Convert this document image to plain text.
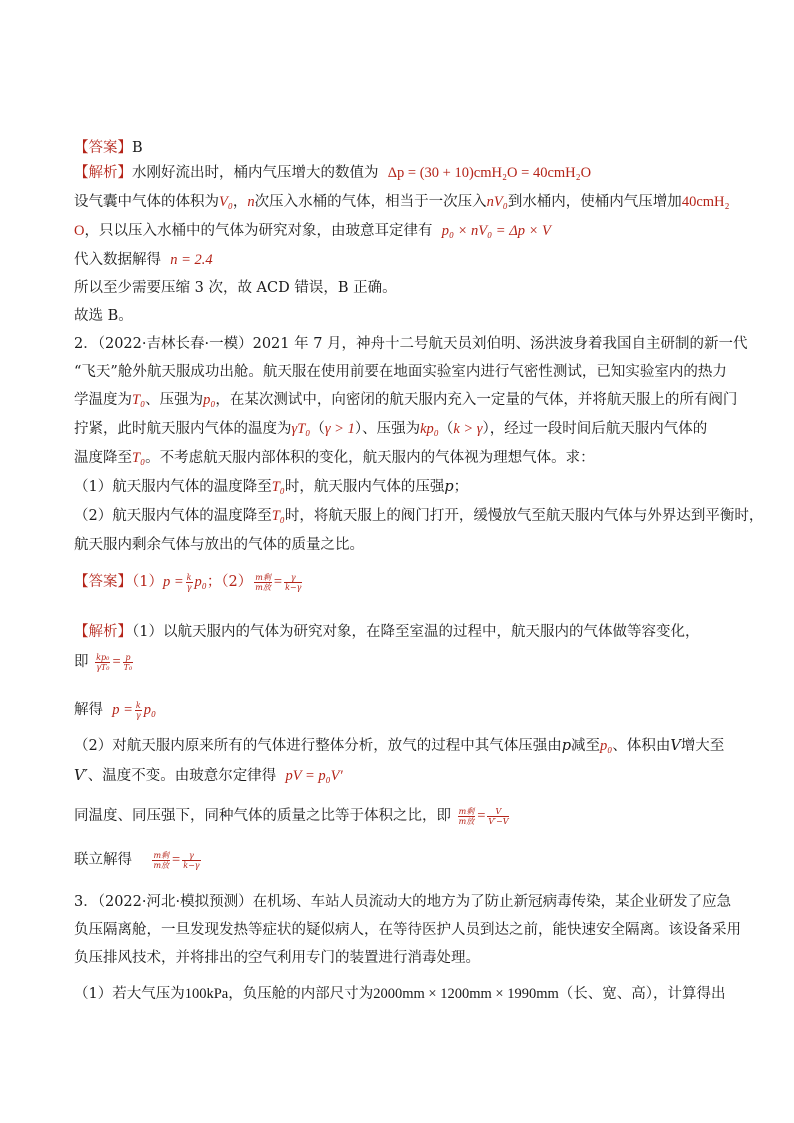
【答案】B
【解析】水刚好流出时，桶内气压增大的数值为 Δp = (30 + 10)cmH₂O = 40cmH₂O
设气囊中气体的体积为V₀，n次压入水桶的气体，相当于一次压入nV₀到水桶内，使桶内气压增加40cmH₂
O，只以压入水桶中的气体为研究对象，由玻意耳定律有 p₀ × nV₀ = Δp × V
代入数据解得 n = 2.4
所以至少需要压缩 3 次，故 ACD 错误，B 正确。
故选 B。
2．（2022·吉林长春·一模）2021 年 7 月，神舟十二号航天员刘伯明、汤洪波身着我国自主研制的新一代
“飞天”舱外航天服成功出舱。航天服在使用前要在地面实验室内进行气密性测试，已知实验室内的热力
学温度为T₀、压强为p₀，在某次测试中，向密闭的航天服内充入一定量的气体，并将航天服上的所有阀门
拧紧，此时航天服内气体的温度为γT₀（γ > 1）、压强为kp₀（k > γ），经过一段时间后航天服内气体的
温度降至T₀。不考虑航天服内部体积的变化，航天服内的气体视为理想气体。求：
（1）航天服内气体的温度降至T₀时，航天服内气体的压强p；
（2）航天服内气体的温度降至T₀时，将航天服上的阀门打开，缓慢放气至航天服内气体与外界达到平衡时，
航天服内剩余气体与放出的气体的质量之比。
【答案】$(1)p = \frac{k}{\gamma} p_0$；$(2) \frac{\text{m剩}}{\text{m放}} = \frac{\gamma}{k-\gamma}$
【解析】（1）以航天服内的气体为研究对象，在降至室温的过程中，航天服内的气体做等容变化，
即 $\frac{\text{kp₀}}{\text{γT₀}} = \frac{p}{\text{T₀}}$
解得 $p = \frac{k}{\gamma} p_0$
（2）对航天服内原来所有的气体进行整体分析，放气的过程中其气体压强由p减至p₀、体积由V增大至
V′、温度不变。由玻意尔定律得 pV = p₀V′
同温度、同压强下，同种气体的质量之比等于体积之比，即 $\frac{\text{m剩}}{\text{m放}} = \frac{V}{V'-V}$
联立解得	$\frac{\text{m剩}}{\text{m放}} = \frac{\gamma}{k-\gamma}$
3．（2022·河北·模拟预测）在机场、车站人员流动大的地方为了防止新冠病毒传染，某企业研发了应急
负压隔离舱，一旦发现发热等症状的疑似病人，在等待医护人员到达之前，能快速安全隔离。该设备采用
负压排风技术，并将排出的空气利用专门的装置进行消毒处理。
（1）若大气压为100kPa，负压舱的内部尺寸为2000mm × 1200mm × 1990mm（长、宽、高），计算得出
